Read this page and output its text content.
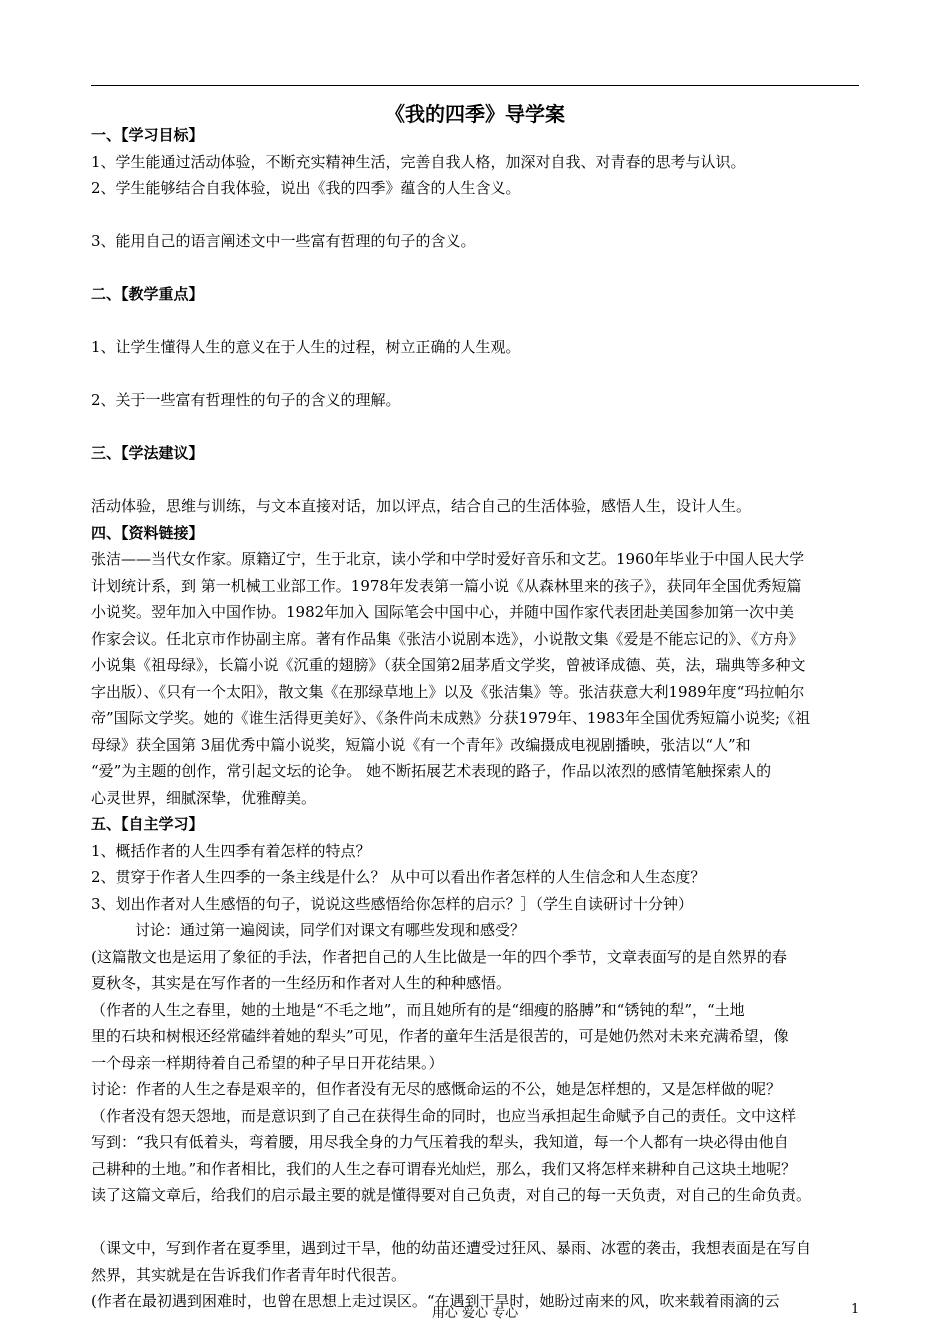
《我的四季》导学案
一、【学习目标】
1、学生能通过活动体验，不断充实精神生活，完善自我人格，加深对自我、对青春的思考与认识。
2、学生能够结合自我体验，说出《我的四季》蕴含的人生含义。
3、能用自己的语言阐述文中一些富有哲理的句子的含义。
二、【教学重点】
1、让学生懂得人生的意义在于人生的过程，树立正确的人生观。
2、关于一些富有哲理性的句子的含义的理解。
三、【学法建议】
活动体验，思维与训练，与文本直接对话，加以评点，结合自己的生活体验，感悟人生，设计人生。
四、【资料链接】
张洁——当代女作家。原籍辽宁，生于北京，读小学和中学时爱好音乐和文艺。1960年毕业于中国人民大学
计划统计系，到 第一机械工业部工作。1978年发表第一篇小说《从森林里来的孩子》，获同年全国优秀短篇
小说奖。翌年加入中国作协。1982年加入 国际笔会中国中心，并随中国作家代表团赴美国参加第一次中美
作家会议。任北京市作协副主席。著有作品集《张洁小说剧本选》，小说散文集《爱是不能忘记的》、《方舟》
小说集《祖母绿》，长篇小说《沉重的翅膀》（获全国第2届茅盾文学奖，曾被译成德、英，法，瑞典等多种文
字出版）、《只有一个太阳》，散文集《在那绿草地上》以及《张洁集》等。张洁获意大利1989年度“玛拉帕尔
帝”国际文学奖。她的《谁生活得更美好》、《条件尚未成熟》分获1979年、1983年全国优秀短篇小说奖;《祖
母绿》获全国第 3届优秀中篇小说奖，短篇小说《有一个青年》改编摄成电视剧播映，张洁以“人”和
“爱”为主题的创作，常引起文坛的论争。 她不断拓展艺术表现的路子，作品以浓烈的感情笔触探索人的
心灵世界，细腻深挚，优雅醇美。
五、【自主学习】
1、概括作者的人生四季有着怎样的特点？
2、贯穿于作者人生四季的一条主线是什么？ 从中可以看出作者怎样的人生信念和人生态度？
3、划出作者对人生感悟的句子，说说这些感悟给你怎样的启示？］（学生自读研讨十分钟）
讨论：通过第一遍阅读，同学们对课文有哪些发现和感受？
(这篇散文也是运用了象征的手法，作者把自己的人生比做是一年的四个季节，文章表面写的是自然界的春
夏秋冬，其实是在写作者的一生经历和作者对人生的种种感悟。
（作者的人生之春里，她的土地是“不毛之地”，而且她所有的是“细瘦的胳膊”和“锈钝的犁”，“土地
里的石块和树根还经常磕绊着她的犁头”可见，作者的童年生活是很苦的，可是她仍然对未来充满希望，像
一个母亲一样期待着自己希望的种子早日开花结果。）
讨论：作者的人生之春是艰辛的，但作者没有无尽的感慨命运的不公，她是怎样想的，又是怎样做的呢？
（作者没有怨天怨地，而是意识到了自己在获得生命的同时，也应当承担起生命赋予自己的责任。文中这样
写到：“我只有低着头，弯着腰，用尽我全身的力气压着我的犁头，我知道，每一个人都有一块必得由他自
己耕种的土地。”和作者相比，我们的人生之春可谓春光灿烂，那么，我们又将怎样来耕种自己这块土地呢？
读了这篇文章后，给我们的启示最主要的就是懂得要对自己负责，对自己的每一天负责，对自己的生命负责。
（课文中，写到作者在夏季里，遇到过干旱，他的幼苗还遭受过狂风、暴雨、冰雹的袭击，我想表面是在写自
然界，其实就是在告诉我们作者青年时代很苦。
(作者在最初遇到困难时，也曾在思想上走过误区。“在遇到干旱时，她盼过南来的风，吹来载着雨滴的云
用心 爱心 专心	1
